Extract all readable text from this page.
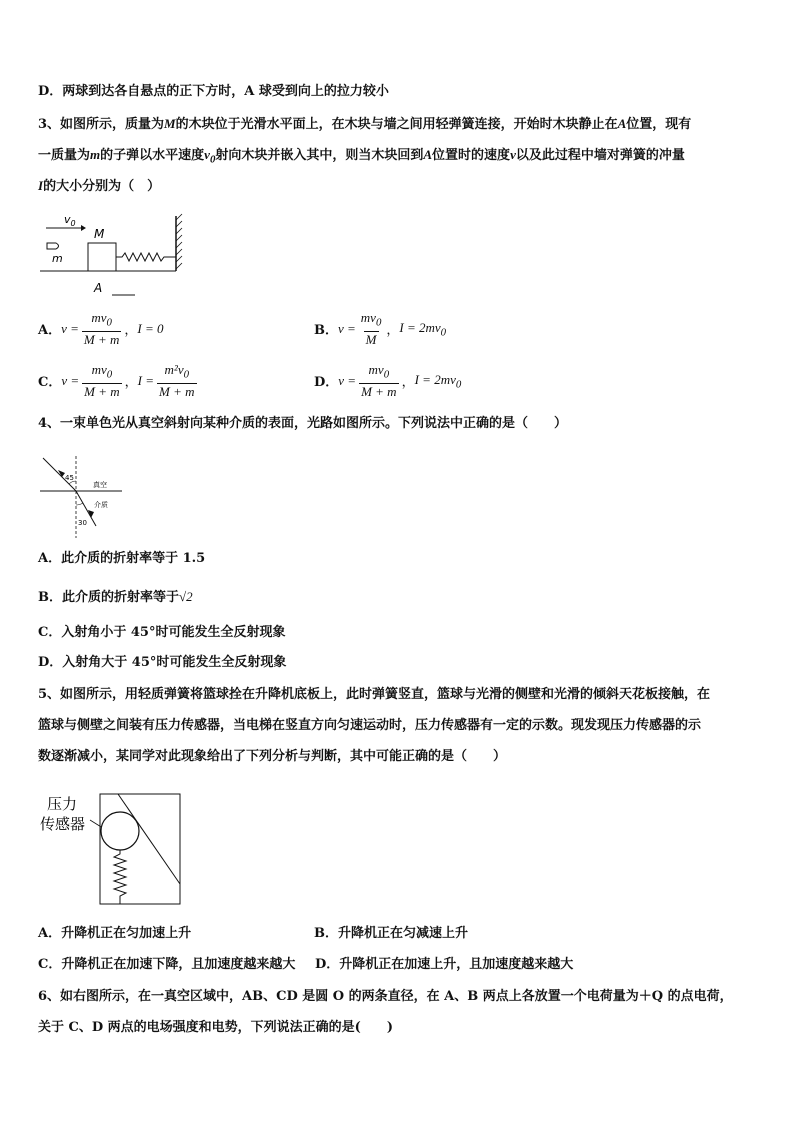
D．两球到达各自悬点的正下方时，A 球受到向上的拉力较小
3、如图所示，质量为M的木块位于光滑水平面上，在木块与墙之间用轻弹簧连接，开始时木块静止在A位置，现有
一质量为m的子弹以水平速度$v_0$射向木块并嵌入其中，则当木块回到A位置时的速度v以及此过程中墙对弹簧的冲量
I的大小分别为（　）
$v_0$
m
M
A
A． $v = \frac{mv_0}{M + m}$ ， I = 0	B． $v = \frac{mv_0}{M}$ ， $I = 2mv_0$
C． $v = \frac{mv_0}{M + m}$ ， $I = \frac{m^2v_0}{M + m}$	D． $v = \frac{mv_0}{M + m}$ ， $I = 2mv_0$
4、一束单色光从真空斜射向某种介质的表面，光路如图所示。下列说法中正确的是（　　）
45
真空
介质
30
A．此介质的折射率等于 1.5
B．此介质的折射率等于√2
C．入射角小于 45°时可能发生全反射现象
D．入射角大于 45°时可能发生全反射现象
5、如图所示，用轻质弹簧将篮球拴在升降机底板上，此时弹簧竖直，篮球与光滑的侧壁和光滑的倾斜天花板接触，在
篮球与侧壁之间装有压力传感器，当电梯在竖直方向匀速运动时，压力传感器有一定的示数。现发现压力传感器的示
数逐渐减小，某同学对此现象给出了下列分析与判断，其中可能正确的是（　　）
压力
传感器
A．升降机正在匀加速上升	B．升降机正在匀减速上升
C．升降机正在加速下降，且加速度越来越大 D．升降机正在加速上升，且加速度越来越大
6、如右图所示，在一真空区域中，AB、CD 是圆 O 的两条直径，在 A、B 两点上各放置一个电荷量为＋Q 的点电荷，
关于 C、D 两点的电场强度和电势，下列说法正确的是(　　)
